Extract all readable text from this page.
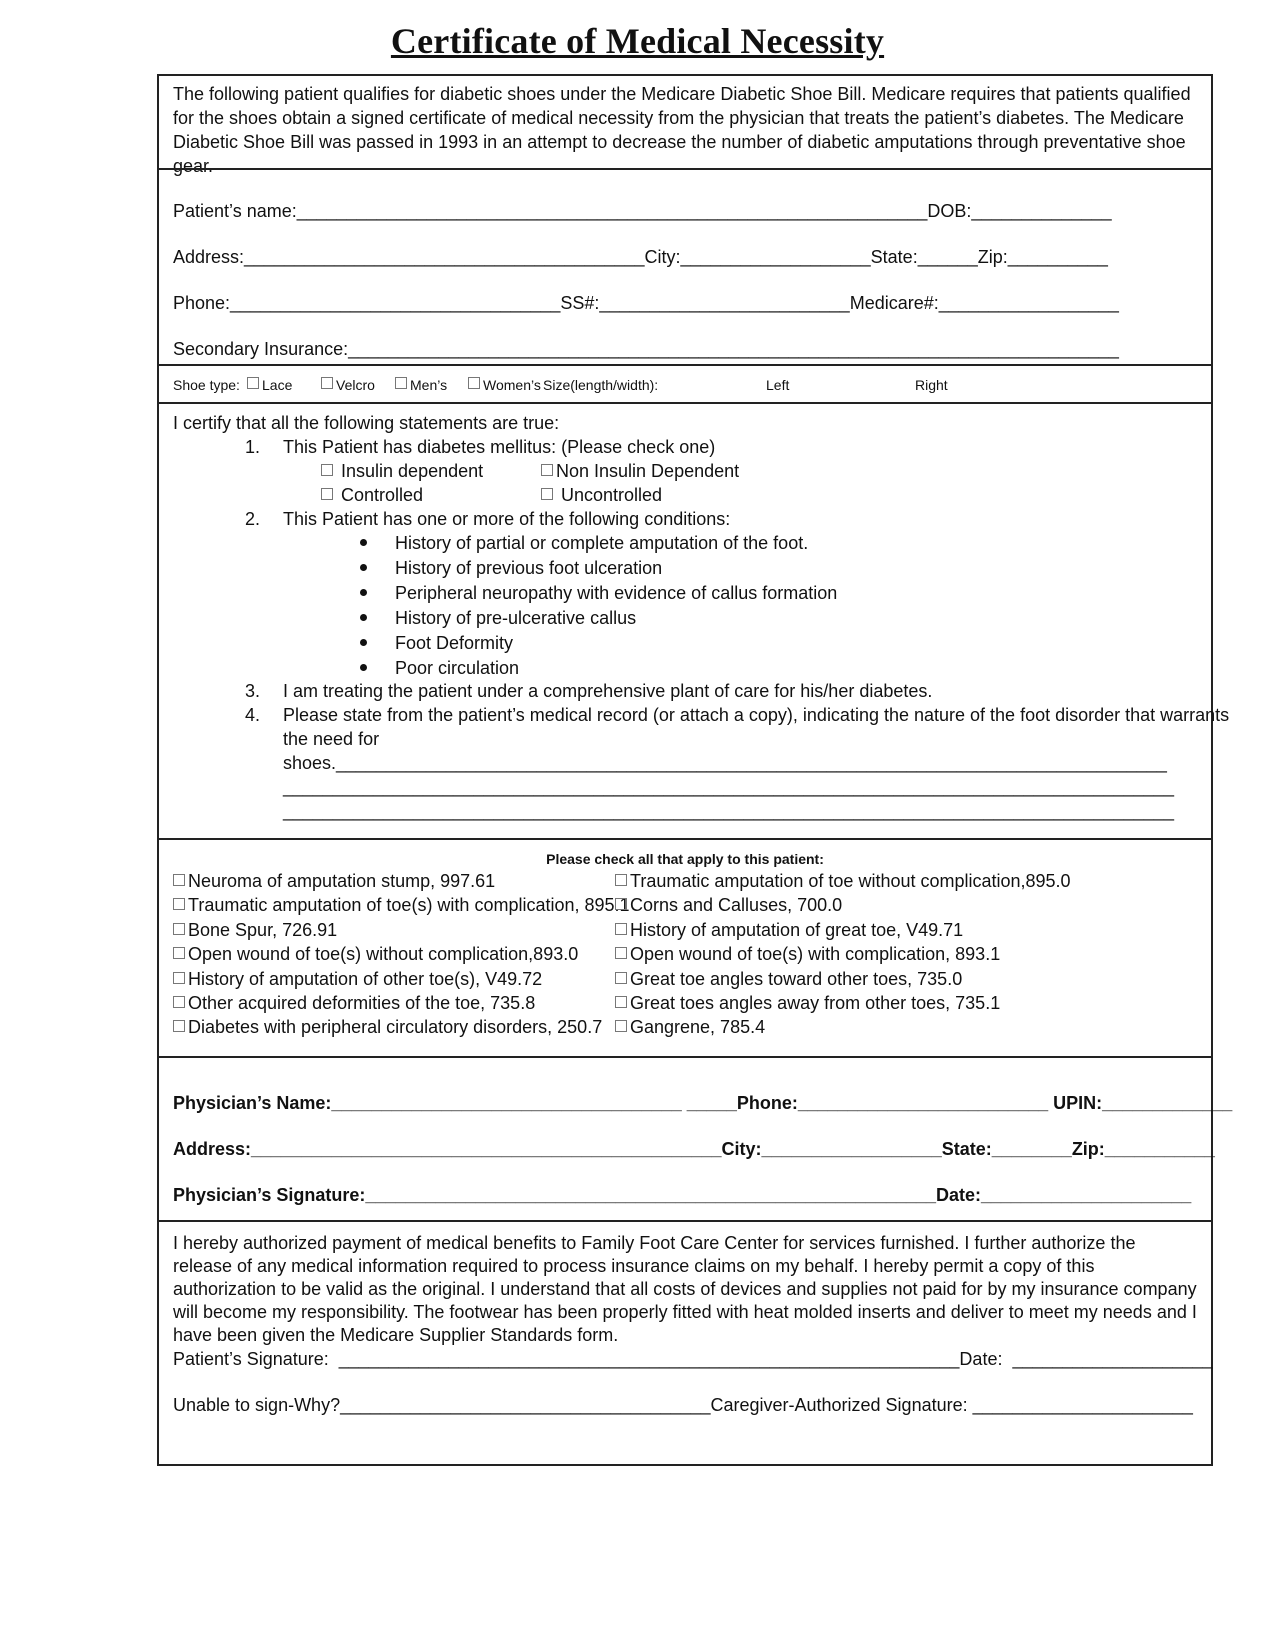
Certificate of Medical Necessity
The following patient qualifies for diabetic shoes under the Medicare Diabetic Shoe Bill. Medicare requires that patients qualified for the shoes obtain a signed certificate of medical necessity from the physician that treats the patient’s diabetes. The Medicare Diabetic Shoe Bill was passed in 1993 in an attempt to decrease the number of diabetic amputations through preventative shoe gear.
Patient’s name:_______________________________________________________________DOB:______________
Address:________________________________________City:___________________State:______Zip:__________
Phone:_________________________________SS#:_________________________Medicare#:__________________
Secondary Insurance:_____________________________________________________________________________
Shoe type:	Lace	Velcro	Men’s	Women’s Size(length/width):	Left	Right
I certify that all the following statements are true:
1. This Patient has diabetes mellitus: (Please check one)
Insulin dependent	Non Insulin Dependent
Controlled	Uncontrolled
2. This Patient has one or more of the following conditions:
History of partial or complete amputation of the foot.
History of previous foot ulceration
Peripheral neuropathy with evidence of callus formation
History of pre-ulcerative callus
Foot Deformity
Poor circulation
3. I am treating the patient under a comprehensive plant of care for his/her diabetes.
4. Please state from the patient’s medical record (or attach a copy), indicating the nature of the foot disorder that warrants
the need for
shoes.___________________________________________________________________________________
_________________________________________________________________________________________
_________________________________________________________________________________________
Please check all that apply to this patient:
Neuroma of amputation stump, 997.61
Traumatic amputation of toe(s) with complication, 895.1
Bone Spur, 726.91
Open wound of toe(s) without complication,893.0
History of amputation of other toe(s), V49.72
Other acquired deformities of the toe, 735.8
Diabetes with peripheral circulatory disorders, 250.7
Traumatic amputation of toe without complication,895.0
Corns and Calluses, 700.0
History of amputation of great toe, V49.71
Open wound of toe(s) with complication, 893.1
Great toe angles toward other toes, 735.0
Great toes angles away from other toes, 735.1
Gangrene, 785.4
Physician’s Name:___________________________________ _____Phone:_________________________ UPIN:_____________
Address:_______________________________________________City:__________________State:________Zip:___________
Physician’s Signature:_________________________________________________________Date:_____________________
I hereby authorized payment of medical benefits to Family Foot Care Center for services furnished. I further authorize the release of any medical information required to process insurance claims on my behalf. I hereby permit a copy of this authorization to be valid as the original. I understand that all costs of devices and supplies not paid for by my insurance company will become my responsibility. The footwear has been properly fitted with heat molded inserts and deliver to meet my needs and I have been given the Medicare Supplier Standards form.
Patient’s Signature:  ______________________________________________________________Date:  ____________________
Unable to sign-Why?_____________________________________Caregiver-Authorized Signature: ______________________
